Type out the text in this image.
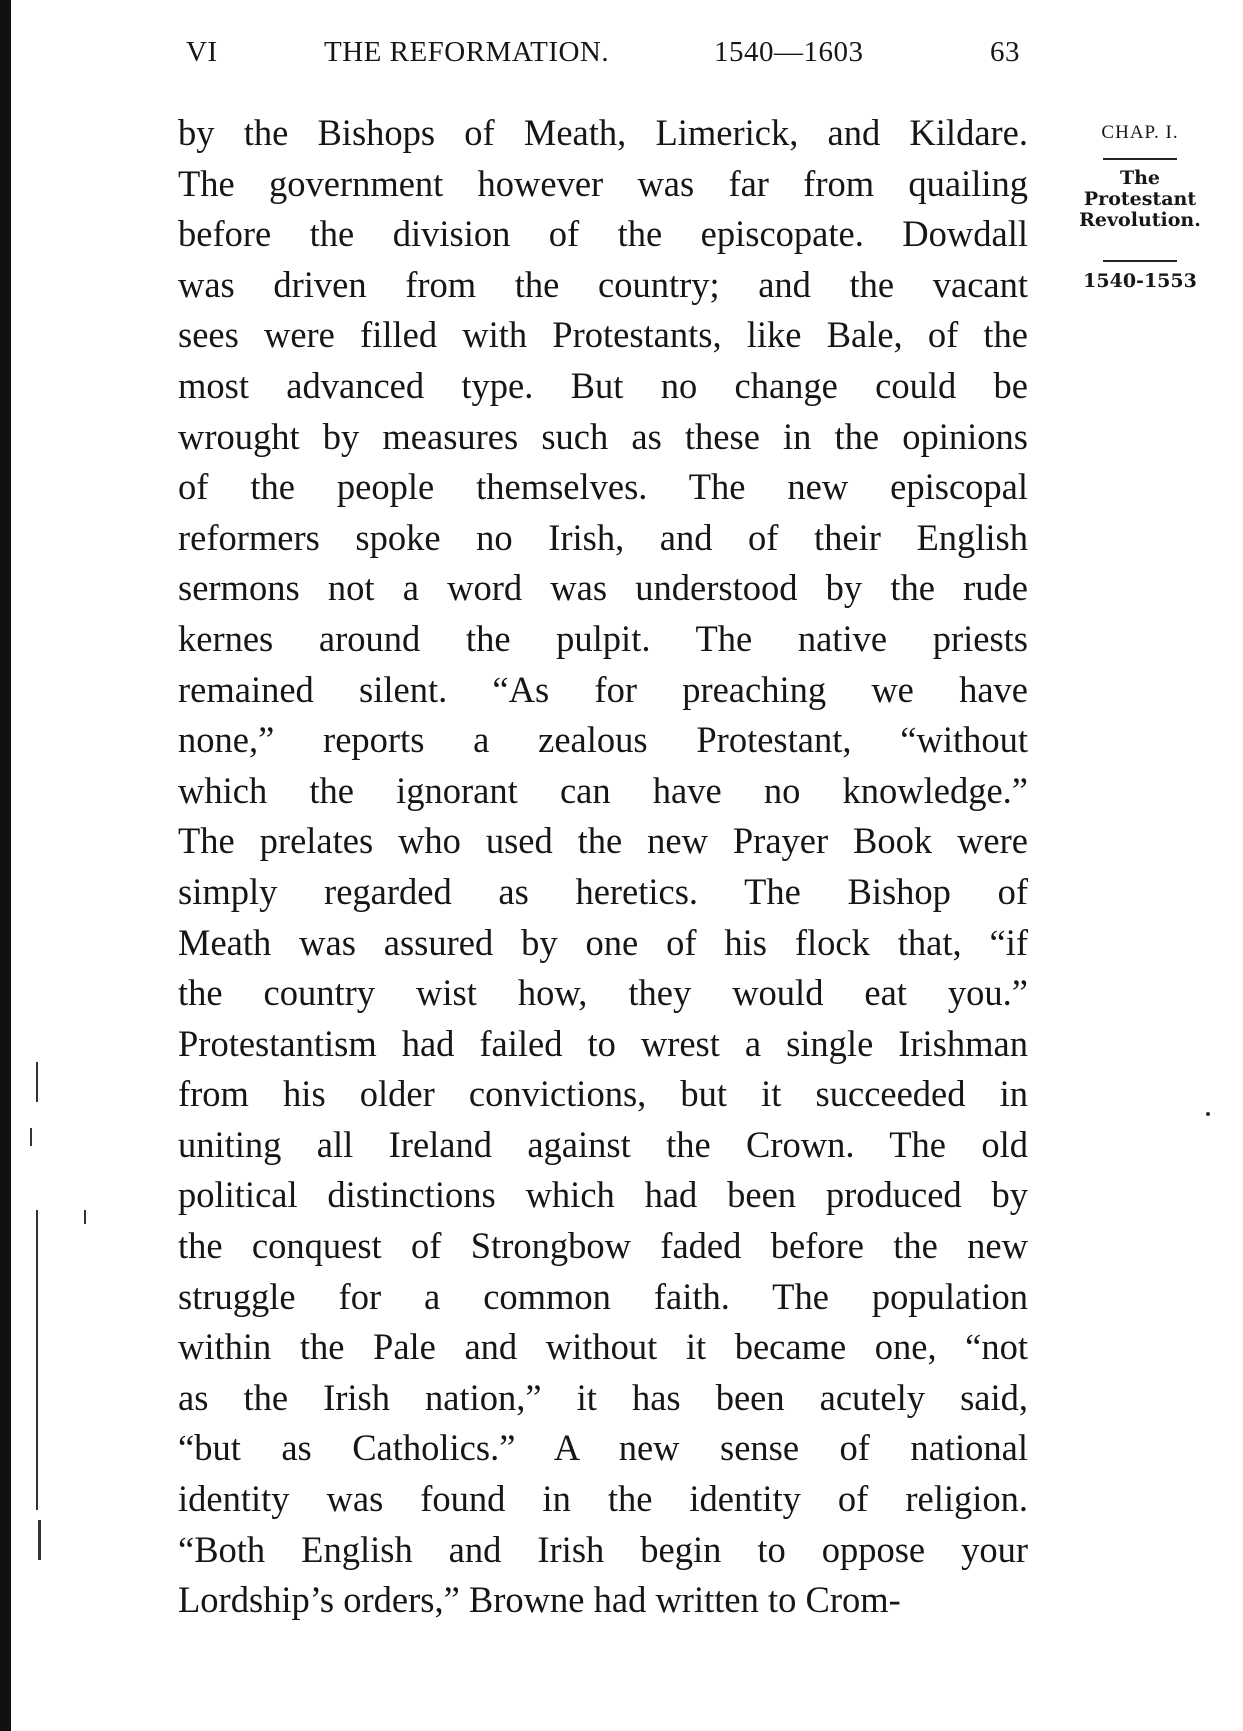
VI	THE REFORMATION.	1540—1603	63
CHAP. I.
The
Protestant
Revolution.
1540-1553
by the Bishops of Meath, Limerick, and Kildare.
The government however was far from quailing
before the division of the episcopate. Dowdall
was driven from the country; and the vacant
sees were filled with Protestants, like Bale, of the
most advanced type. But no change could be
wrought by measures such as these in the opinions
of the people themselves. The new episcopal
reformers spoke no Irish, and of their English
sermons not a word was understood by the rude
kernes around the pulpit. The native priests
remained silent. “As for preaching we have
none,” reports a zealous Protestant, “without
which the ignorant can have no knowledge.”
The prelates who used the new Prayer Book were
simply regarded as heretics. The Bishop of
Meath was assured by one of his flock that, “if
the country wist how, they would eat you.”
Protestantism had failed to wrest a single Irishman
from his older convictions, but it succeeded in
uniting all Ireland against the Crown. The old
political distinctions which had been produced by
the conquest of Strongbow faded before the new
struggle for a common faith. The population
within the Pale and without it became one, “not
as the Irish nation,” it has been acutely said,
“but as Catholics.” A new sense of national
identity was found in the identity of religion.
“Both English and Irish begin to oppose your
Lordship’s orders,” Browne had written to Crom-
